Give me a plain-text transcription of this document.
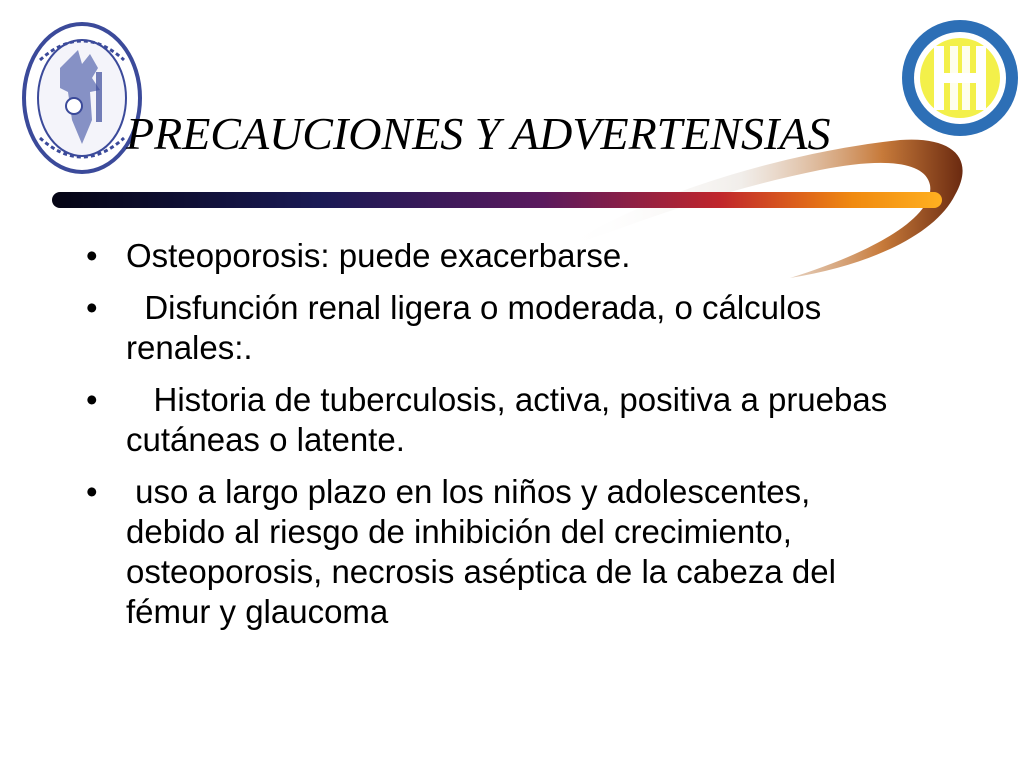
PRECAUCIONES Y ADVERTENSIAS
• Osteoporosis: puede exacerbarse.
• Disfunción renal ligera o moderada, o cálculos renales:.
• Historia de tuberculosis, activa, positiva a pruebas cutáneas o latente.
• uso a largo plazo en los niños y adolescentes, debido al riesgo de inhibición del crecimiento, osteoporosis, necrosis aséptica de la cabeza del fémur y glaucoma
